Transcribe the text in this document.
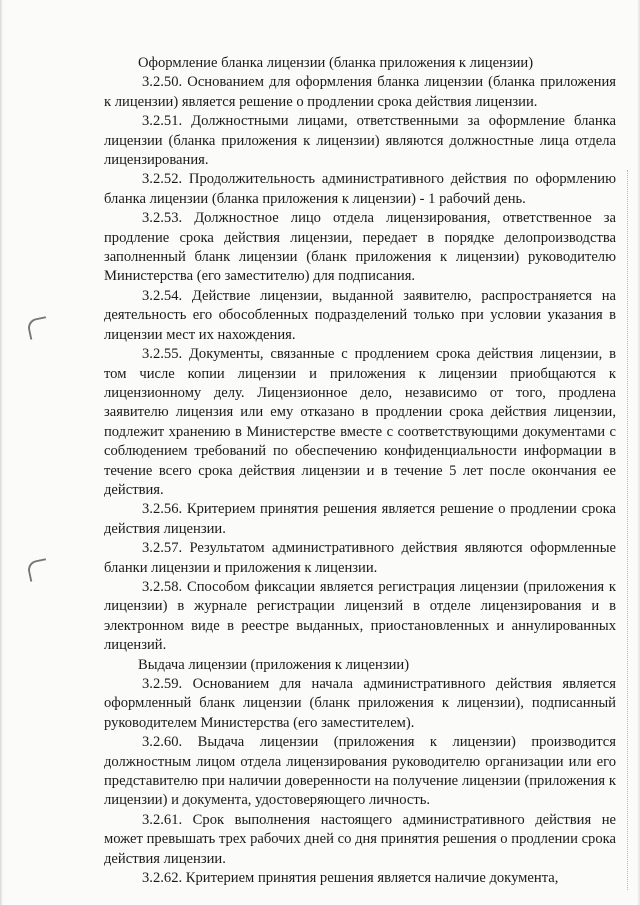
Оформление бланка лицензии (бланка приложения к лицензии)

3.2.50. Основанием для оформления бланка лицензии (бланка приложения к лицензии) является решение о продлении срока действия лицензии.

3.2.51. Должностными лицами, ответственными за оформление бланка лицензии (бланка приложения к лицензии) являются должностные лица отдела лицензирования.

3.2.52. Продолжительность административного действия по оформлению бланка лицензии (бланка приложения к лицензии) - 1 рабочий день.

3.2.53. Должностное лицо отдела лицензирования, ответственное за продление срока действия лицензии, передает в порядке делопроизводства заполненный бланк лицензии (бланк приложения к лицензии) руководителю Министерства (его заместителю) для подписания.

3.2.54. Действие лицензии, выданной заявителю, распространяется на деятельность его обособленных подразделений только при условии указания в лицензии мест их нахождения.

3.2.55. Документы, связанные с продлением срока действия лицензии, в том числе копии лицензии и приложения к лицензии приобщаются к лицензионному делу. Лицензионное дело, независимо от того, продлена заявителю лицензия или ему отказано в продлении срока действия лицензии, подлежит хранению в Министерстве вместе с соответствующими документами с соблюдением требований по обеспечению конфиденциальности информации в течение всего срока действия лицензии и в течение 5 лет после окончания ее действия.

3.2.56. Критерием принятия решения является решение о продлении срока действия лицензии.

3.2.57. Результатом административного действия являются оформленные бланки лицензии и приложения к лицензии.

3.2.58. Способом фиксации является регистрация лицензии (приложения к лицензии) в журнале регистрации лицензий в отделе лицензирования и в электронном виде в реестре выданных, приостановленных и аннулированных лицензий.

Выдача лицензии (приложения к лицензии)

3.2.59. Основанием для начала административного действия является оформленный бланк лицензии (бланк приложения к лицензии), подписанный руководителем Министерства (его заместителем).

3.2.60. Выдача лицензии (приложения к лицензии) производится должностным лицом отдела лицензирования руководителю организации или его представителю при наличии доверенности на получение лицензии (приложения к лицензии) и документа, удостоверяющего личность.

3.2.61. Срок выполнения настоящего административного действия не может превышать трех рабочих дней со дня принятия решения о продлении срока действия лицензии.

3.2.62. Критерием принятия решения является наличие документа,
